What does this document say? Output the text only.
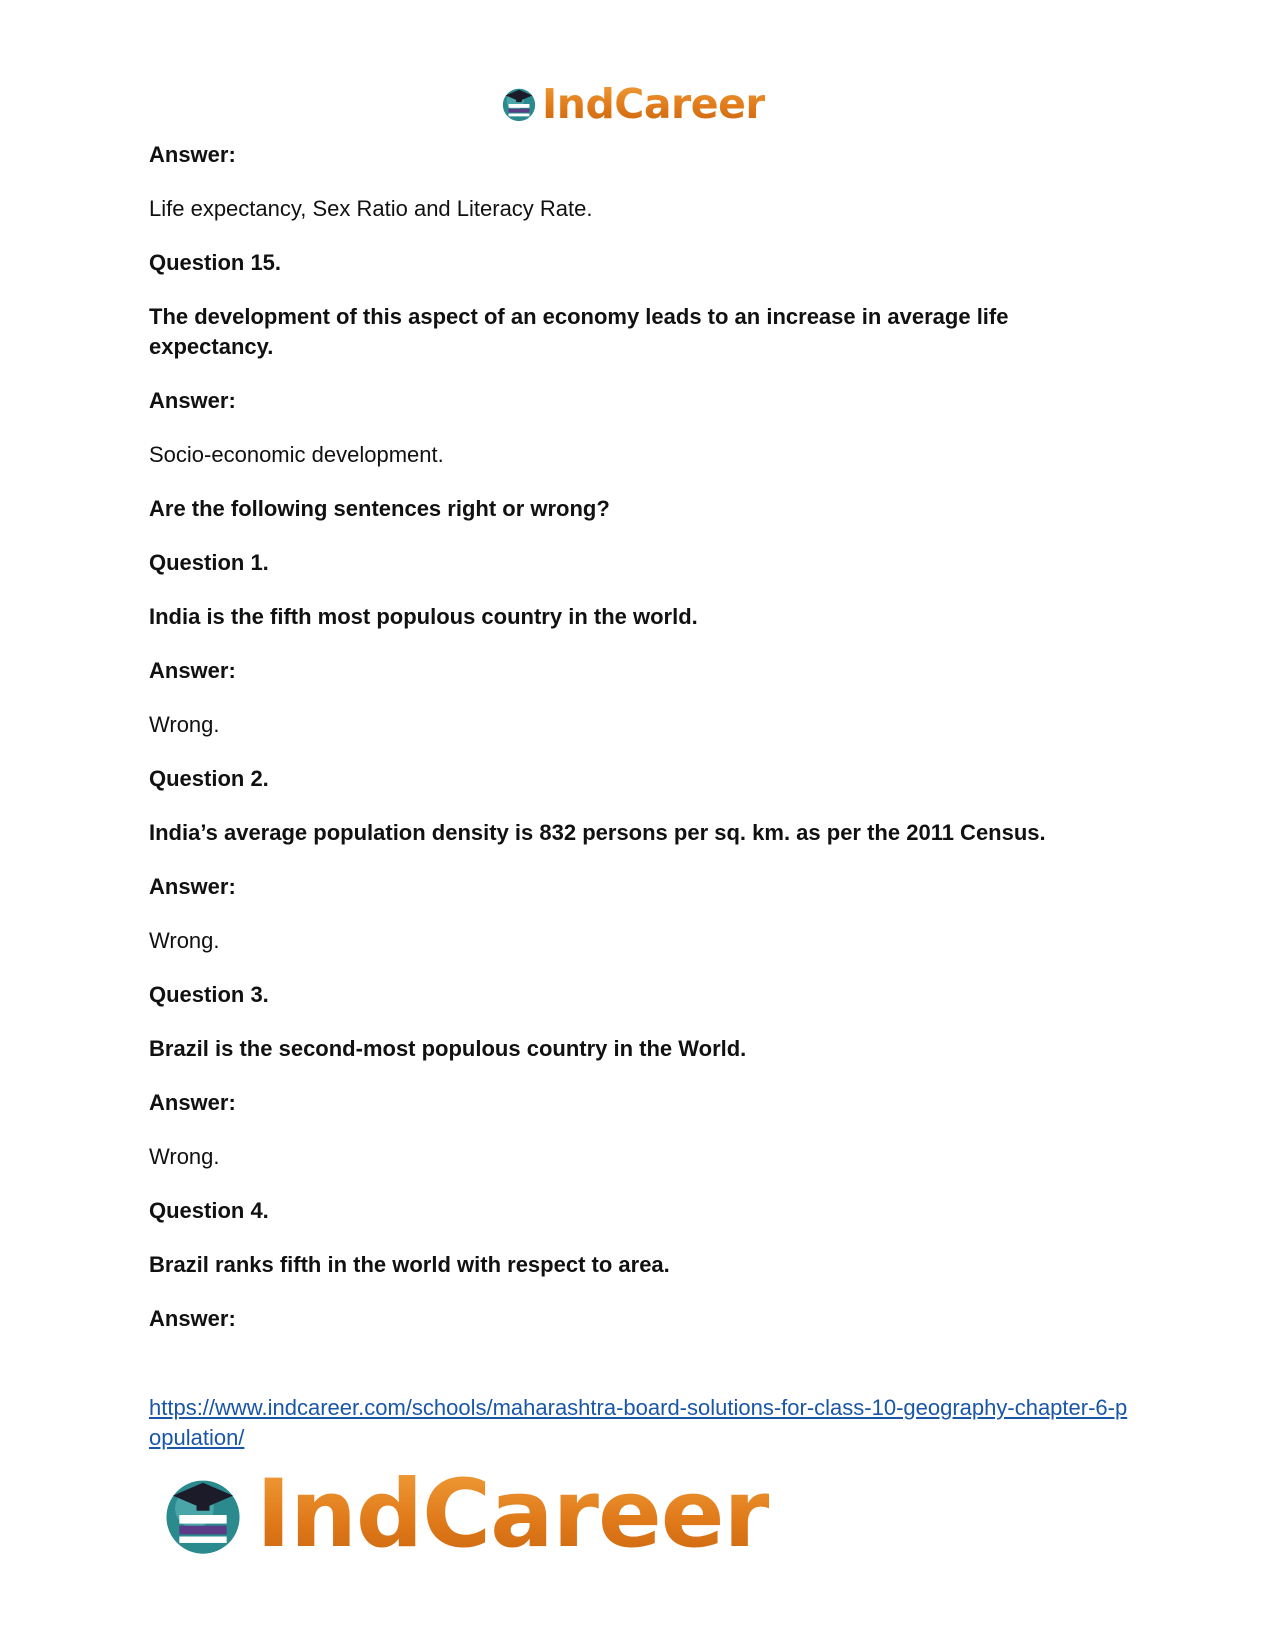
IndCareer
Answer:
Life expectancy, Sex Ratio and Literacy Rate.
Question 15.
The development of this aspect of an economy leads to an increase in average life expectancy.
Answer:
Socio-economic development.
Are the following sentences right or wrong?
Question 1.
India is the fifth most populous country in the world.
Answer:
Wrong.
Question 2.
India’s average population density is 832 persons per sq. km. as per the 2011 Census.
Answer:
Wrong.
Question 3.
Brazil is the second-most populous country in the World.
Answer:
Wrong.
Question 4.
Brazil ranks fifth in the world with respect to area.
Answer:
https://www.indcareer.com/schools/maharashtra-board-solutions-for-class-10-geography-chapter-6-population/
IndCareer
